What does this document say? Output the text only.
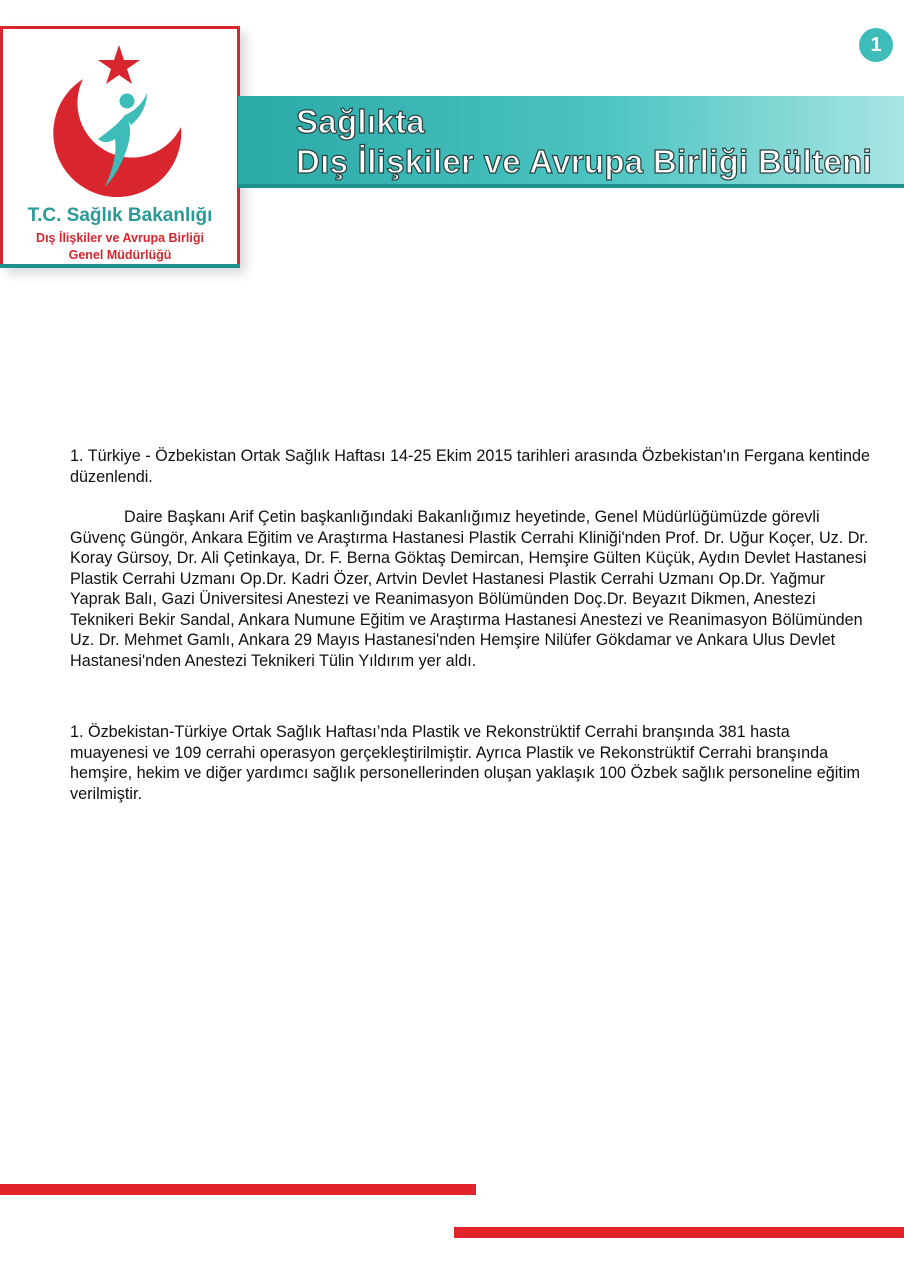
T.C. Sağlık Bakanlığı
Dış İlişkiler ve Avrupa Birliği
Genel Müdürlüğü
Sağlıkta
Dış İlişkiler ve Avrupa Birliği Bülteni
1

1. Türkiye - Özbekistan Ortak Sağlık Haftası 14-25 Ekim 2015 tarihleri arasında Özbekistan'ın Fergana kentinde düzenlendi.

Daire Başkanı Arif Çetin başkanlığındaki Bakanlığımız heyetinde, Genel Müdürlüğümüzde görevli Güvenç Güngör, Ankara Eğitim ve Araştırma Hastanesi Plastik Cerrahi Kliniği'nden Prof. Dr. Uğur Koçer, Uz. Dr. Koray Gürsoy, Dr. Ali Çetinkaya, Dr. F. Berna Göktaş Demircan, Hemşire Gülten Küçük, Aydın Devlet Hastanesi Plastik Cerrahi Uzmanı Op.Dr. Kadri Özer, Artvin Devlet Hastanesi Plastik Cerrahi Uzmanı Op.Dr. Yağmur Yaprak Balı, Gazi Üniversitesi Anestezi ve Reanimasyon Bölümünden Doç.Dr. Beyazıt Dikmen, Anestezi Teknikeri Bekir Sandal, Ankara Numune Eğitim ve Araştırma Hastanesi Anestezi ve Reanimasyon Bölümünden Uz. Dr. Mehmet Gamlı, Ankara 29 Mayıs Hastanesi'nden Hemşire Nilüfer Gökdamar ve Ankara Ulus Devlet Hastanesi'nden Anestezi Teknikeri Tülin Yıldırım yer aldı.

1. Özbekistan-Türkiye Ortak Sağlık Haftası’nda Plastik ve Rekonstrüktif Cerrahi branşında 381 hasta muayenesi ve 109 cerrahi operasyon gerçekleştirilmiştir. Ayrıca Plastik ve Rekonstrüktif Cerrahi branşında hemşire, hekim ve diğer yardımcı sağlık personellerinden oluşan yaklaşık 100 Özbek sağlık personeline eğitim verilmiştir.
